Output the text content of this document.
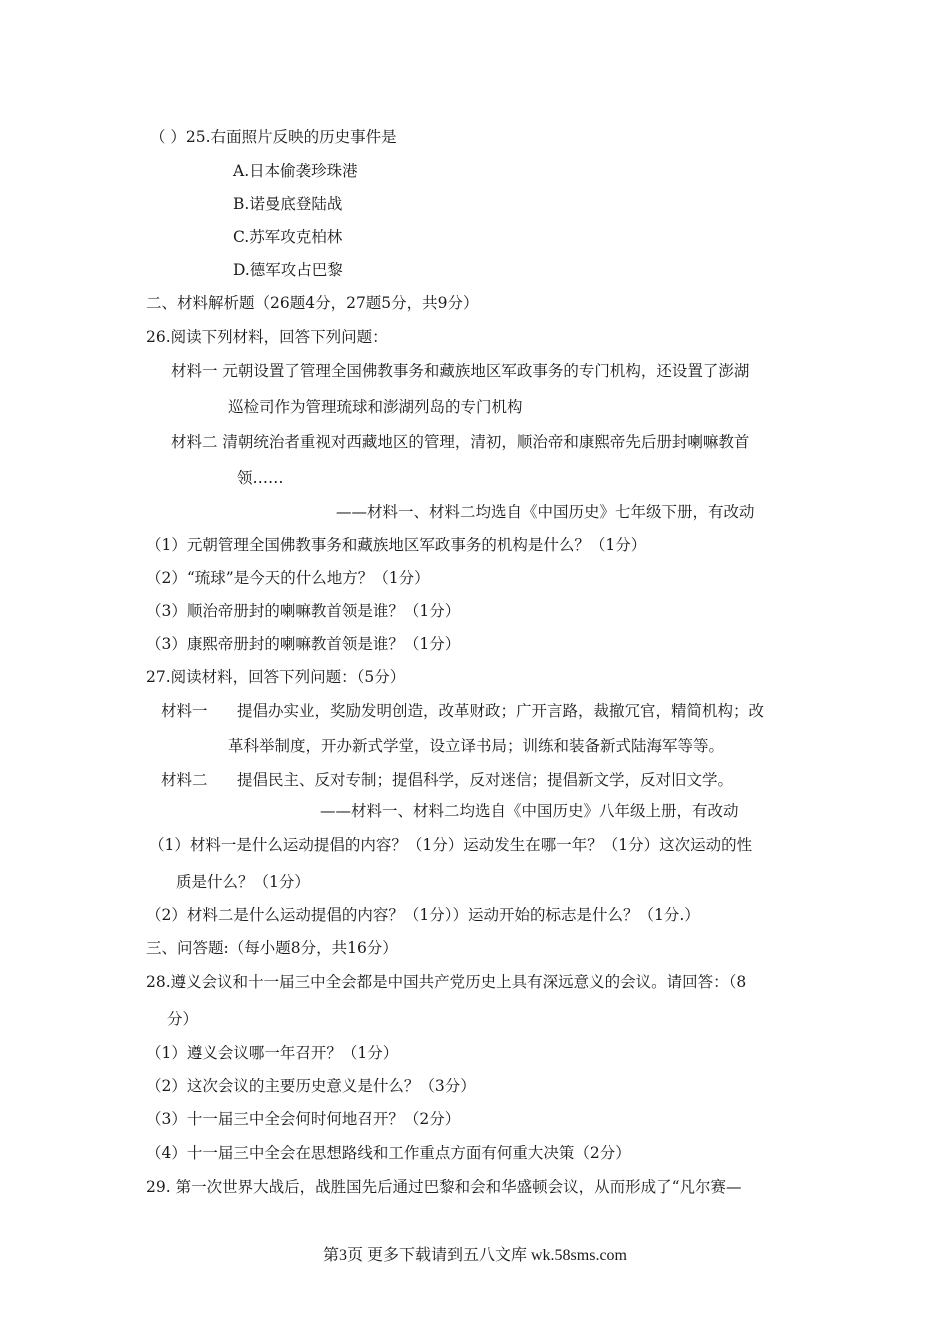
（ ）25.右面照片反映的历史事件是
A.日本偷袭珍珠港
B.诺曼底登陆战
C.苏军攻克柏林
D.德军攻占巴黎
二、材料解析题（26题4分，27题5分，共9分）
26.阅读下列材料，回答下列问题：
材料一 元朝设置了管理全国佛教事务和藏族地区军政事务的专门机构，还设置了澎湖
巡检司作为管理琉球和澎湖列岛的专门机构
材料二 清朝统治者重视对西藏地区的管理，清初，顺治帝和康熙帝先后册封喇嘛教首
领……
——材料一、材料二均选自《中国历史》七年级下册，有改动
（1）元朝管理全国佛教事务和藏族地区军政事务的机构是什么？（1分）
（2）“琉球”是今天的什么地方？（1分）
（3）顺治帝册封的喇嘛教首领是谁？（1分）
（3）康熙帝册封的喇嘛教首领是谁？（1分）
27.阅读材料，回答下列问题：（5分）
材料一 提倡办实业，奖励发明创造，改革财政；广开言路，裁撤冗官，精简机构；改
革科举制度，开办新式学堂，设立译书局；训练和装备新式陆海军等等。
材料二 提倡民主、反对专制；提倡科学，反对迷信；提倡新文学，反对旧文学。
——材料一、材料二均选自《中国历史》八年级上册，有改动
（1）材料一是什么运动提倡的内容？（1分）运动发生在哪一年？（1分）这次运动的性
质是什么？（1分）
（2）材料二是什么运动提倡的内容？（1分））运动开始的标志是什么？（1分.）
三、问答题:（每小题8分，共16分）
28.遵义会议和十一届三中全会都是中国共产党历史上具有深远意义的会议。请回答：（8
分）
（1）遵义会议哪一年召开？（1分）
（2）这次会议的主要历史意义是什么？（3分）
（3）十一届三中全会何时何地召开？（2分）
（4）十一届三中全会在思想路线和工作重点方面有何重大决策（2分）
29. 第一次世界大战后，战胜国先后通过巴黎和会和华盛顿会议，从而形成了“凡尔赛—
第3页 更多下载请到五八文库 wk.58sms.com
